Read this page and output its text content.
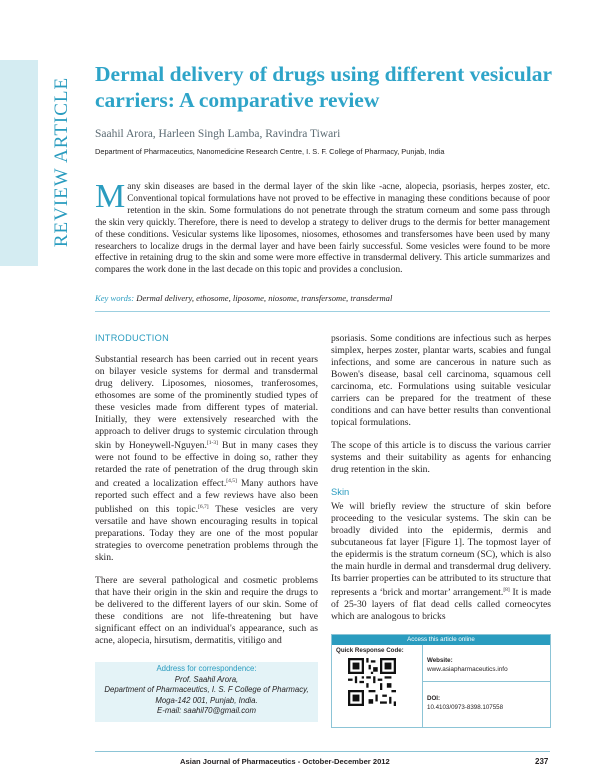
REVIEW ARTICLE
Dermal delivery of drugs using different vesicular carriers: A comparative review
Saahil Arora, Harleen Singh Lamba, Ravindra Tiwari
Department of Pharmaceutics, Nanomedicine Research Centre, I. S. F. College of Pharmacy, Punjab, India
Many skin diseases are based in the dermal layer of the skin like -acne, alopecia, psoriasis, herpes zoster, etc. Conventional topical formulations have not proved to be effective in managing these conditions because of poor retention in the skin. Some formulations do not penetrate through the stratum corneum and some pass through the skin very quickly. Therefore, there is need to develop a strategy to deliver drugs to the dermis for better management of these conditions. Vesicular systems like liposomes, niosomes, ethosomes and transfersomes have been used by many researchers to localize drugs in the dermal layer and have been fairly successful. Some vesicles were found to be more effective in retaining drug to the skin and some were more effective in transdermal delivery. This article summarizes and compares the work done in the last decade on this topic and provides a conclusion.
Key words: Dermal delivery, ethosome, liposome, niosome, transfersome, transdermal
INTRODUCTION

Substantial research has been carried out in recent years on bilayer vesicle systems for dermal and transdermal drug delivery. Liposomes, niosomes, tranferosomes, ethosomes are some of the prominently studied types of these vesicles made from different types of material. Initially, they were extensively researched with the approach to deliver drugs to systemic circulation through skin by Honeywell-Nguyen.[1-3] But in many cases they were not found to be effective in doing so, rather they retarded the rate of penetration of the drug through skin and created a localization effect.[4,5] Many authors have reported such effect and a few reviews have also been published on this topic.[6,7] These vesicles are very versatile and have shown encouraging results in topical preparations. Today they are one of the most popular strategies to overcome penetration problems through the skin.

There are several pathological and cosmetic problems that have their origin in the skin and require the drugs to be delivered to the different layers of our skin. Some of these conditions are not life-threatening but have significant effect on an individual's appearance, such as acne, alopecia, hirsutism, dermatitis, vitiligo and

psoriasis. Some conditions are infectious such as herpes simplex, herpes zoster, plantar warts, scabies and fungal infections, and some are cancerous in nature such as Bowen's disease, basal cell carcinoma, squamous cell carcinoma, etc. Formulations using suitable vesicular carriers can be prepared for the treatment of these conditions and can have better results than conventional topical formulations.

The scope of this article is to discuss the various carrier systems and their suitability as agents for enhancing drug retention in the skin.

Skin

We will briefly review the structure of skin before proceeding to the vesicular systems. The skin can be broadly divided into the epidermis, dermis and subcutaneous fat layer [Figure 1]. The topmost layer of the epidermis is the stratum corneum (SC), which is also the main hurdle in dermal and transdermal drug delivery. Its barrier properties can be attributed to its structure that represents a ‘brick and mortar’ arrangement.[8] It is made of 25-30 layers of flat dead cells called corneocytes which are analogous to bricks

Address for correspondence:
Prof. Saahil Arora,
Department of Pharmaceutics, I. S. F College of Pharmacy,
Moga-142 001, Punjab, India.
E-mail: saahil70@gmail.com
Access this article online
Quick Response Code:
Website:
www.asiapharmaceutics.info
DOI:
10.4103/0973-8398.107558
Asian Journal of Pharmaceutics - October-December 2012	237
